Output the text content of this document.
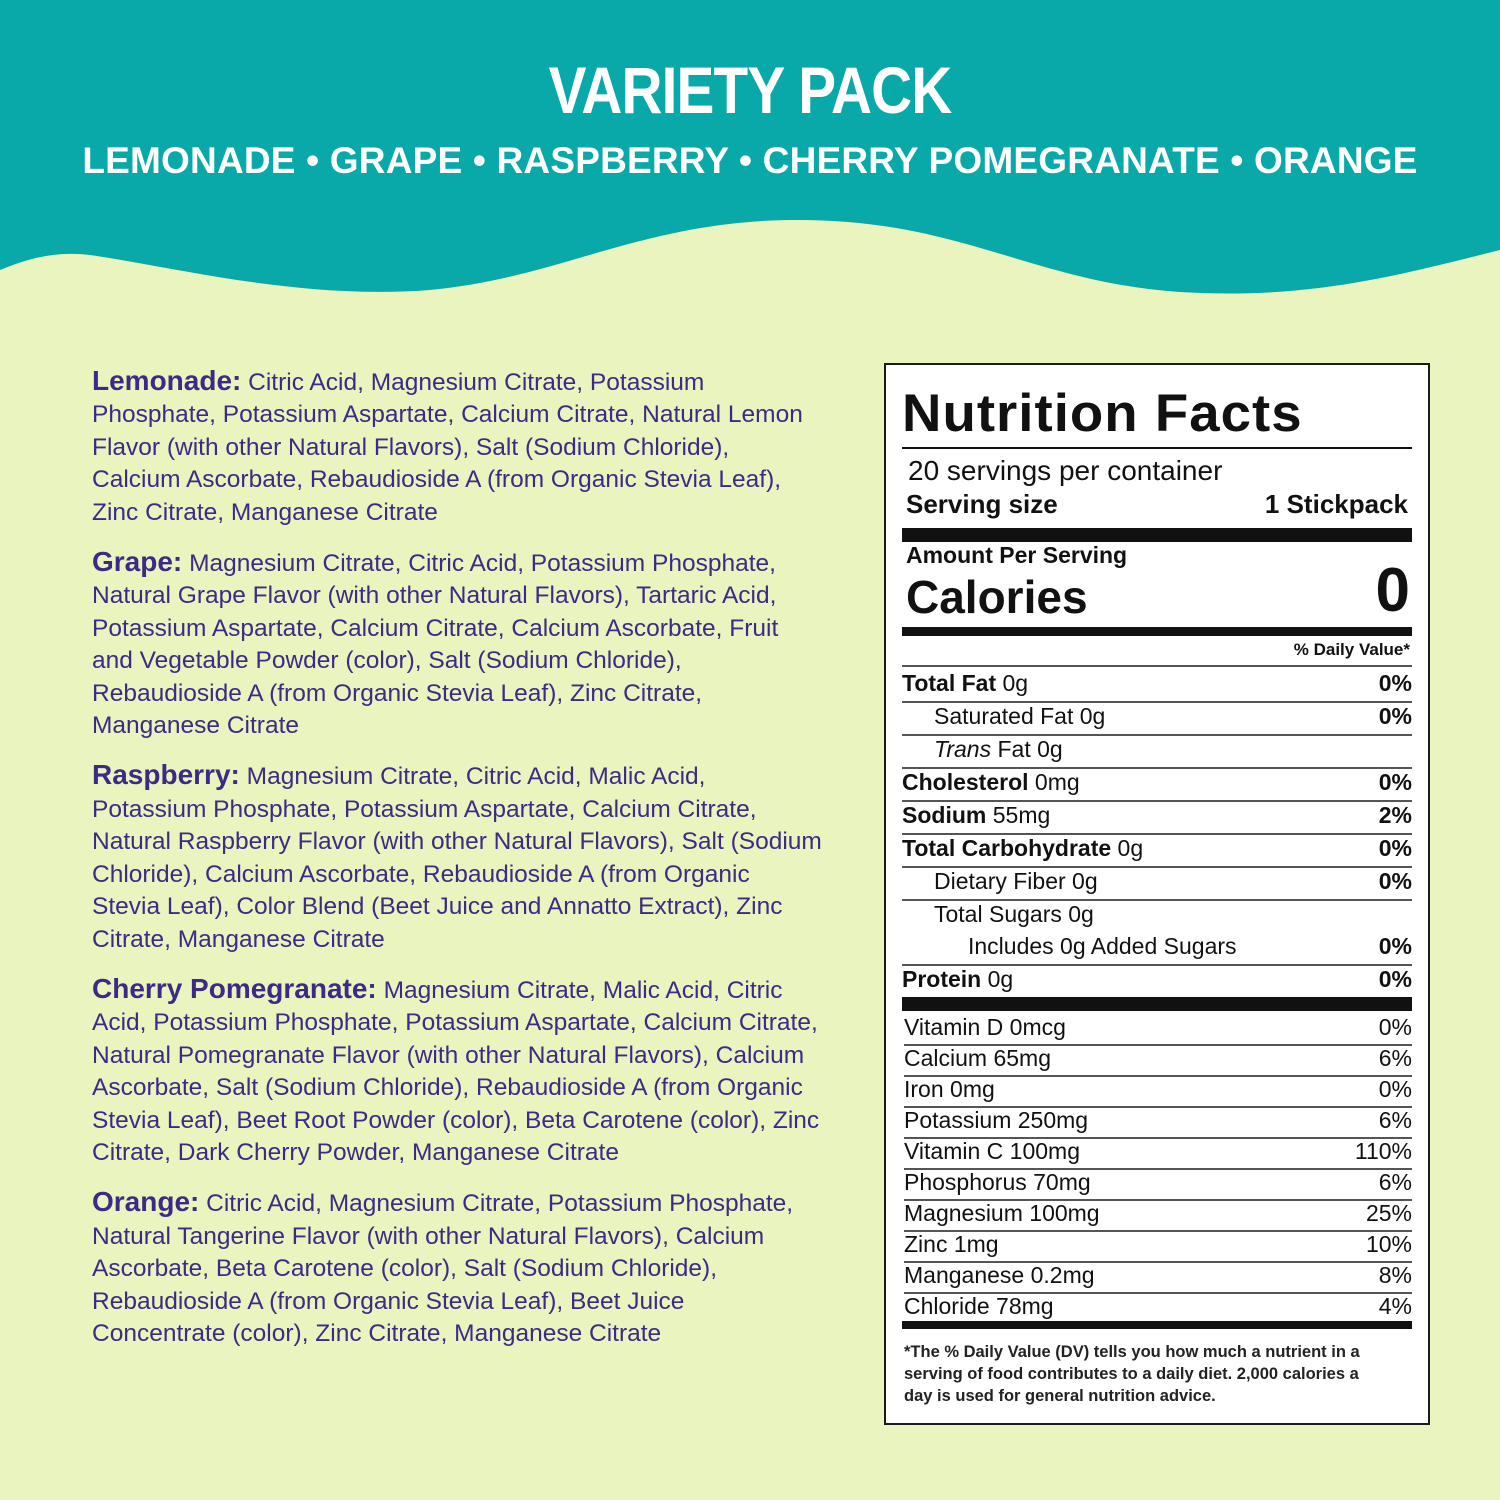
VARIETY PACK
LEMONADE • GRAPE • RASPBERRY • CHERRY POMEGRANATE • ORANGE

Lemonade: Citric Acid, Magnesium Citrate, Potassium Phosphate, Potassium Aspartate, Calcium Citrate, Natural Lemon Flavor (with other Natural Flavors), Salt (Sodium Chloride), Calcium Ascorbate, Rebaudioside A (from Organic Stevia Leaf), Zinc Citrate, Manganese Citrate

Grape: Magnesium Citrate, Citric Acid, Potassium Phosphate, Natural Grape Flavor (with other Natural Flavors), Tartaric Acid, Potassium Aspartate, Calcium Citrate, Calcium Ascorbate, Fruit and Vegetable Powder (color), Salt (Sodium Chloride), Rebaudioside A (from Organic Stevia Leaf), Zinc Citrate, Manganese Citrate

Raspberry: Magnesium Citrate, Citric Acid, Malic Acid, Potassium Phosphate, Potassium Aspartate, Calcium Citrate, Natural Raspberry Flavor (with other Natural Flavors), Salt (Sodium Chloride), Calcium Ascorbate, Rebaudioside A (from Organic Stevia Leaf), Color Blend (Beet Juice and Annatto Extract), Zinc Citrate, Manganese Citrate

Cherry Pomegranate: Magnesium Citrate, Malic Acid, Citric Acid, Potassium Phosphate, Potassium Aspartate, Calcium Citrate, Natural Pomegranate Flavor (with other Natural Flavors), Calcium Ascorbate, Salt (Sodium Chloride), Rebaudioside A (from Organic Stevia Leaf), Beet Root Powder (color), Beta Carotene (color), Zinc Citrate, Dark Cherry Powder, Manganese Citrate

Orange: Citric Acid, Magnesium Citrate, Potassium Phosphate, Natural Tangerine Flavor (with other Natural Flavors), Calcium Ascorbate, Beta Carotene (color), Salt (Sodium Chloride), Rebaudioside A (from Organic Stevia Leaf), Beet Juice Concentrate (color), Zinc Citrate, Manganese Citrate

Nutrition Facts
20 servings per container
Serving size	1 Stickpack
Amount Per Serving
Calories	0
% Daily Value*
Total Fat 0g	0%
Saturated Fat 0g	0%
Trans Fat 0g
Cholesterol 0mg	0%
Sodium 55mg	2%
Total Carbohydrate 0g	0%
Dietary Fiber 0g	0%
Total Sugars 0g
Includes 0g Added Sugars	0%
Protein 0g	0%
Vitamin D 0mcg	0%
Calcium 65mg	6%
Iron 0mg	0%
Potassium 250mg	6%
Vitamin C 100mg	110%
Phosphorus 70mg	6%
Magnesium 100mg	25%
Zinc 1mg	10%
Manganese 0.2mg	8%
Chloride 78mg	4%
*The % Daily Value (DV) tells you how much a nutrient in a serving of food contributes to a daily diet. 2,000 calories a day is used for general nutrition advice.
